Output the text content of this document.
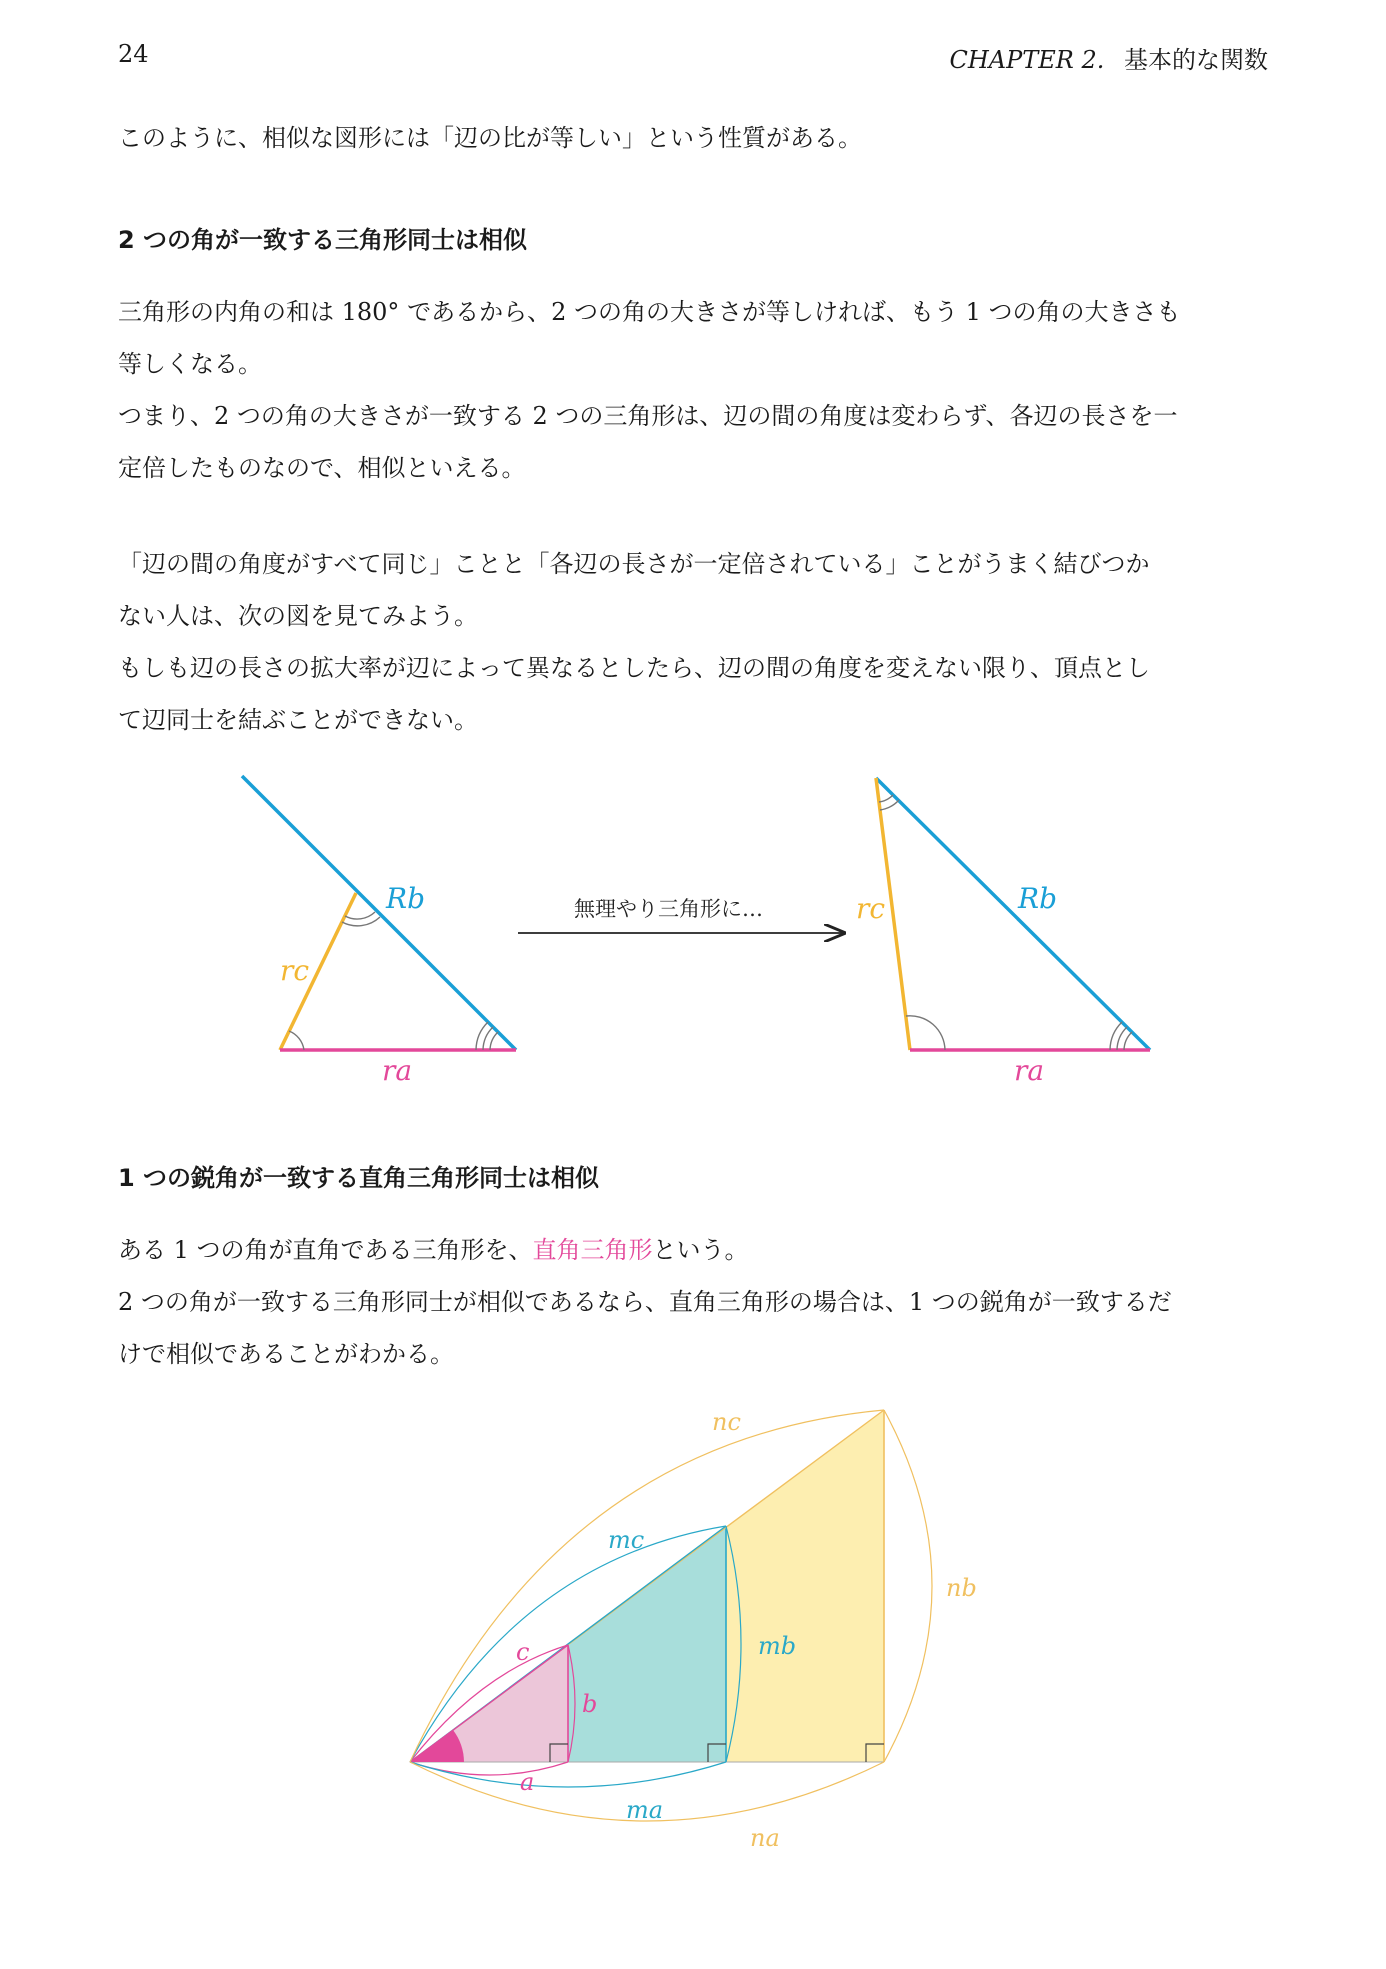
24	CHAPTER 2. 基本的な関数
このように、相似な図形には「辺の比が等しい」という性質がある。
2 つの角が一致する三角形同士は相似
三角形の内角の和は 180° であるから、2 つの角の大きさが等しければ、もう 1 つの角の大きさも
等しくなる。
つまり、2 つの角の大きさが一致する 2 つの三角形は、辺の間の角度は変わらず、各辺の長さを一
定倍したものなので、相似といえる。
「辺の間の角度がすべて同じ」ことと「各辺の長さが一定倍されている」ことがうまく結びつか
ない人は、次の図を見てみよう。
もしも辺の長さの拡大率が辺によって異なるとしたら、辺の間の角度を変えない限り、頂点とし
て辺同士を結ぶことができない。
1 つの鋭角が一致する直角三角形同士は相似
ある 1 つの角が直角である三角形を、直角三角形という。
2 つの角が一致する三角形同士が相似であるなら、直角三角形の場合は、1 つの鋭角が一致するだ
けで相似であることがわかる。
Rb
rc
ra
無理やり三角形に…	Rb
rc
ra
c
b
a
mc
mb
ma
nc
nb
na
